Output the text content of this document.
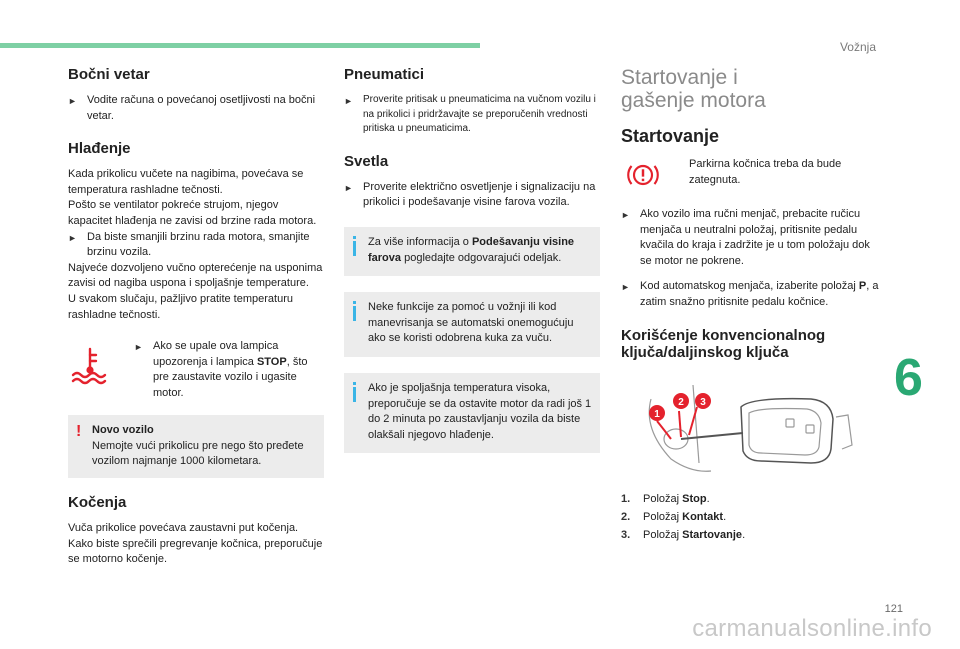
Vožnja
6
Bočni vetar
► Vodite računa o povećanoj osetljivosti na bočni vetar.
Hlađenje

Kada prikolicu vučete na nagibima, povećava se temperatura rashladne tečnosti.

Pošto se ventilator pokreće strujom, njegov kapacitet hlađenja ne zavisi od brzine rada motora.

► Da biste smanjili brzinu rada motora, smanjite brzinu vozila.

Najveće dozvoljeno vučno opterećenje na usponima zavisi od nagiba uspona i spoljašnje temperature.

U svakom slučaju, pažljivo pratite temperaturu rashladne tečnosti.

► Ako se upale ova lampica upozorenja i lampica STOP, što pre zaustavite vozilo i ugasite motor.
! Novo vozilo

Nemojte vući prikolicu pre nego što pređete vozilom najmanje 1000 kilometara.

Kočenja

Vuča prikolice povećava zaustavni put kočenja. Kako biste sprečili pregrevanje kočnica, preporučuje se motorno kočenje.

Pneumatici
► Proverite pritisak u pneumaticima na vučnom vozilu i na prikolici i pridržavajte se preporučenih vrednosti pritiska u pneumaticima.
Svetla
► Proverite električno osvetljenje i signalizaciju na prikolici i podešavanje visine farova vozila.

Za više informacija o Podešavanju visine farova pogledajte odgovarajući odeljak.

Neke funkcije za pomoć u vožnji ili kod manevrisanja se automatski onemogućuju ako se koristi odobrena kuka za vuču.

Ako je spoljašnja temperatura visoka, preporučuje se da ostavite motor da radi još 1 do 2 minuta po zaustavljanju vozila da biste olakšali njegovo hlađenje.

Startovanje i gašenje motora
Startovanje

Parkirna kočnica treba da bude zategnuta.

► Ako vozilo ima ručni menjač, prebacite ručicu menjača u neutralni položaj, pritisnite pedalu kvačila do kraja i zadržite je u tom položaju dok se motor ne pokrene.
► Kod automatskog menjača, izaberite položaj P, a zatim snažno pritisnite pedalu kočnice.
Korišćenje konvencionalnog ključa/daljinskog ključa
1
2 3
1. Položaj Stop.
2. Položaj Kontakt.
3. Položaj Startovanje.
121
carmanualsonline.info
